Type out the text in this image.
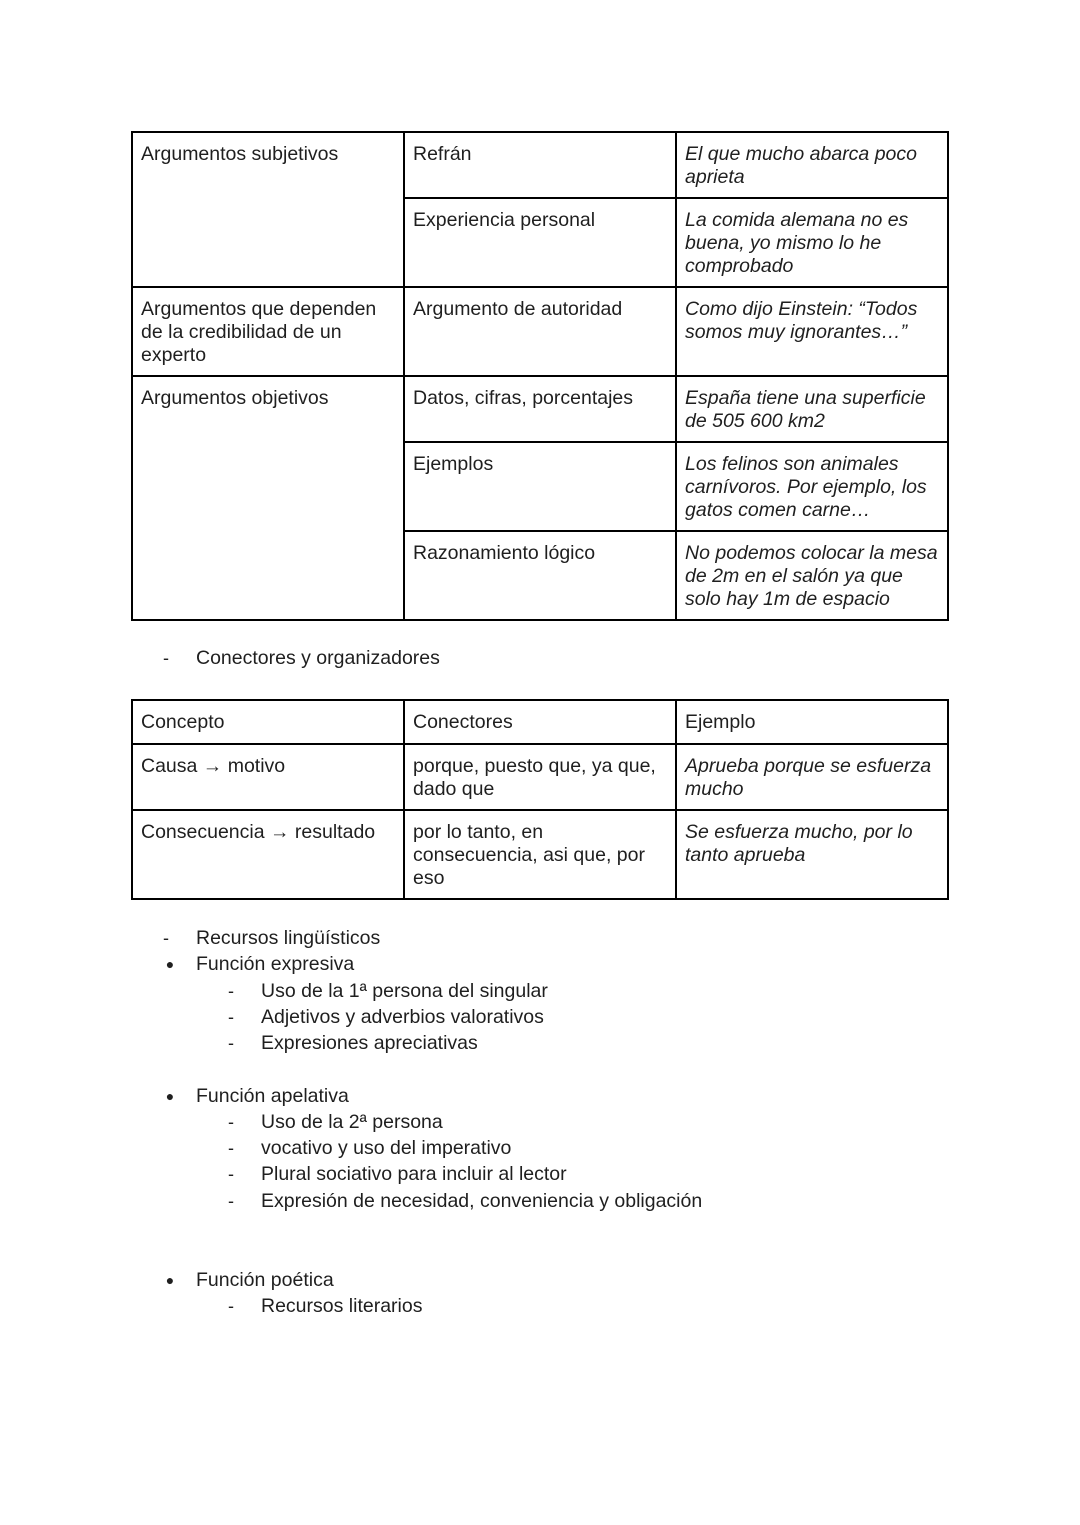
Argumentos subjetivos	Refrán	El que mucho abarca poco aprieta
	Experiencia personal	La comida alemana no es buena, yo mismo lo he comprobado
Argumentos que dependen de la credibilidad de un experto	Argumento de autoridad	Como dijo Einstein: “Todos somos muy ignorantes…”
Argumentos objetivos	Datos, cifras, porcentajes	España tiene una superficie de 505 600 km2
	Ejemplos	Los felinos son animales carnívoros. Por ejemplo, los gatos comen carne…
	Razonamiento lógico	No podemos colocar la mesa de 2m en el salón ya que solo hay 1m de espacio
-	Conectores y organizadores
Concepto	Conectores	Ejemplo
Causa → motivo	porque, puesto que, ya que, dado que	Aprueba porque se esfuerza mucho
Consecuencia → resultado	por lo tanto, en consecuencia, asi que, por eso	Se esfuerza mucho, por lo tanto aprueba
-	Recursos lingüísticos
● Función expresiva
-	Uso de la 1ª persona del singular
-	Adjetivos y adverbios valorativos
-	Expresiones apreciativas
● Función apelativa
-	Uso de la 2ª persona
-	vocativo y uso del imperativo
-	Plural sociativo para incluir al lector
-	Expresión de necesidad, conveniencia y obligación
● Función poética
-	Recursos literarios
